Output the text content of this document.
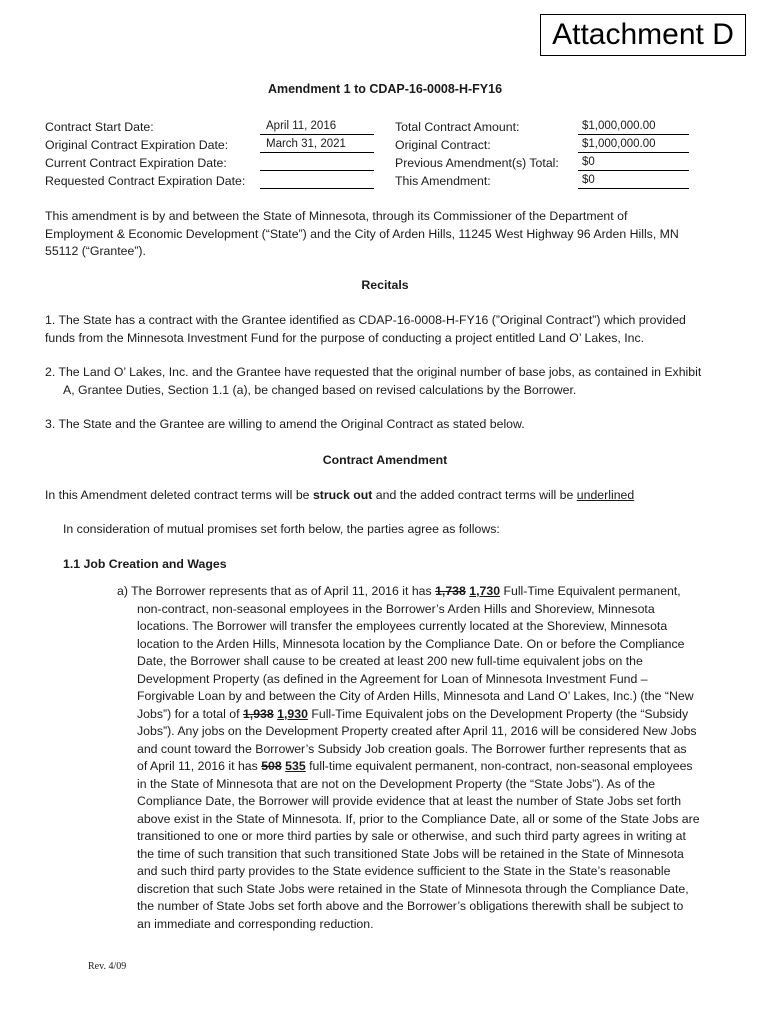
Attachment D
Amendment 1 to CDAP-16-0008-H-FY16
Contract Start Date:
Original Contract Expiration Date:
Current Contract Expiration Date:
Requested Contract Expiration Date:
April 11, 2016
March 31, 2021
Total Contract Amount:
Original Contract:
Previous Amendment(s) Total:
This Amendment:
$1,000,000.00
$1,000,000.00
$0
$0
This amendment is by and between the State of Minnesota, through its Commissioner of the Department of
Employment & Economic Development (“State”) and the City of Arden Hills, 11245 West Highway 96 Arden Hills, MN
55112 (“Grantee”).
Recitals
1. The State has a contract with the Grantee identified as CDAP-16-0008-H-FY16 (”Original Contract”) which provided
funds from the Minnesota Investment Fund for the purpose of conducting a project entitled Land O’ Lakes, Inc.
2. The Land O’ Lakes, Inc. and the Grantee have requested that the original number of base jobs, as contained in Exhibit
A, Grantee Duties, Section 1.1 (a), be changed based on revised calculations by the Borrower.
3. The State and the Grantee are willing to amend the Original Contract as stated below.
Contract Amendment
In this Amendment deleted contract terms will be struck out and the added contract terms will be underlined
In consideration of mutual promises set forth below, the parties agree as follows:
1.1 Job Creation and Wages
a) The Borrower represents that as of April 11, 2016 it has 1,738 1,730 Full-Time Equivalent permanent,
non-contract, non-seasonal employees in the Borrower’s Arden Hills and Shoreview, Minnesota
locations. The Borrower will transfer the employees currently located at the Shoreview, Minnesota
location to the Arden Hills, Minnesota location by the Compliance Date. On or before the Compliance
Date, the Borrower shall cause to be created at least 200 new full-time equivalent jobs on the
Development Property (as defined in the Agreement for Loan of Minnesota Investment Fund –
Forgivable Loan by and between the City of Arden Hills, Minnesota and Land O’ Lakes, Inc.) (the “New
Jobs”) for a total of 1,938 1,930 Full-Time Equivalent jobs on the Development Property (the “Subsidy
Jobs”). Any jobs on the Development Property created after April 11, 2016 will be considered New Jobs
and count toward the Borrower’s Subsidy Job creation goals. The Borrower further represents that as
of April 11, 2016 it has 508 535 full-time equivalent permanent, non-contract, non-seasonal employees
in the State of Minnesota that are not on the Development Property (the “State Jobs”). As of the
Compliance Date, the Borrower will provide evidence that at least the number of State Jobs set forth
above exist in the State of Minnesota. If, prior to the Compliance Date, all or some of the State Jobs are
transitioned to one or more third parties by sale or otherwise, and such third party agrees in writing at
the time of such transition that such transitioned State Jobs will be retained in the State of Minnesota
and such third party provides to the State evidence sufficient to the State in the State’s reasonable
discretion that such State Jobs were retained in the State of Minnesota through the Compliance Date,
the number of State Jobs set forth above and the Borrower’s obligations therewith shall be subject to
an immediate and corresponding reduction.
Rev. 4/09
